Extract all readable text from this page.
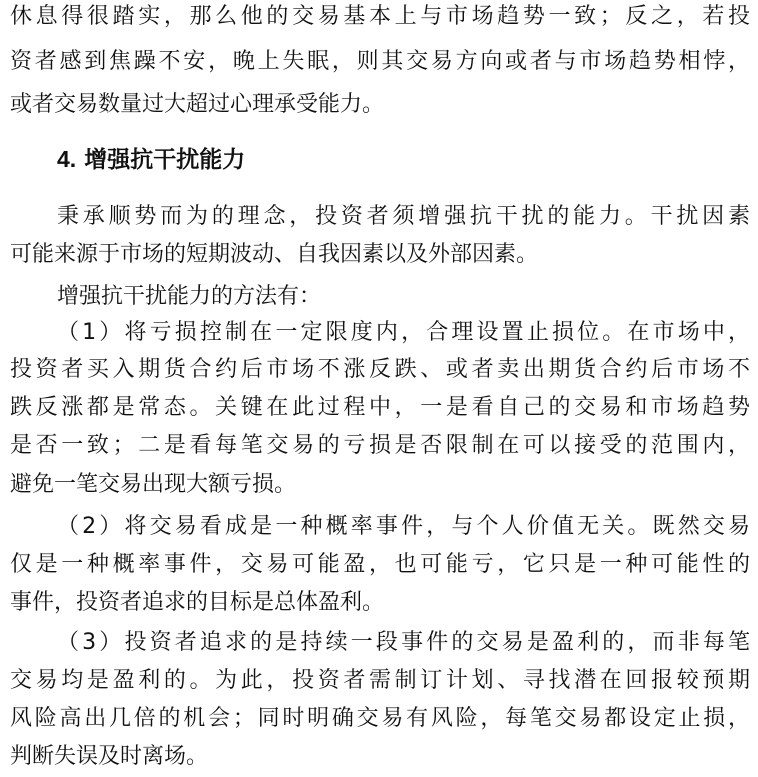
休息得很踏实，那么他的交易基本上与市场趋势一致；反之，若投
资者感到焦躁不安，晚上失眠，则其交易方向或者与市场趋势相悖，
或者交易数量过大超过心理承受能力。
4. 增强抗干扰能力
秉承顺势而为的理念，投资者须增强抗干扰的能力。干扰因素
可能来源于市场的短期波动、自我因素以及外部因素。
增强抗干扰能力的方法有：
（1）将亏损控制在一定限度内，合理设置止损位。在市场中，
投资者买入期货合约后市场不涨反跌、或者卖出期货合约后市场不
跌反涨都是常态。关键在此过程中，一是看自己的交易和市场趋势
是否一致；二是看每笔交易的亏损是否限制在可以接受的范围内，
避免一笔交易出现大额亏损。
（2）将交易看成是一种概率事件，与个人价值无关。既然交易
仅是一种概率事件，交易可能盈，也可能亏，它只是一种可能性的
事件，投资者追求的目标是总体盈利。
（3）投资者追求的是持续一段事件的交易是盈利的，而非每笔
交易均是盈利的。为此，投资者需制订计划、寻找潜在回报较预期
风险高出几倍的机会；同时明确交易有风险，每笔交易都设定止损，
判断失误及时离场。
